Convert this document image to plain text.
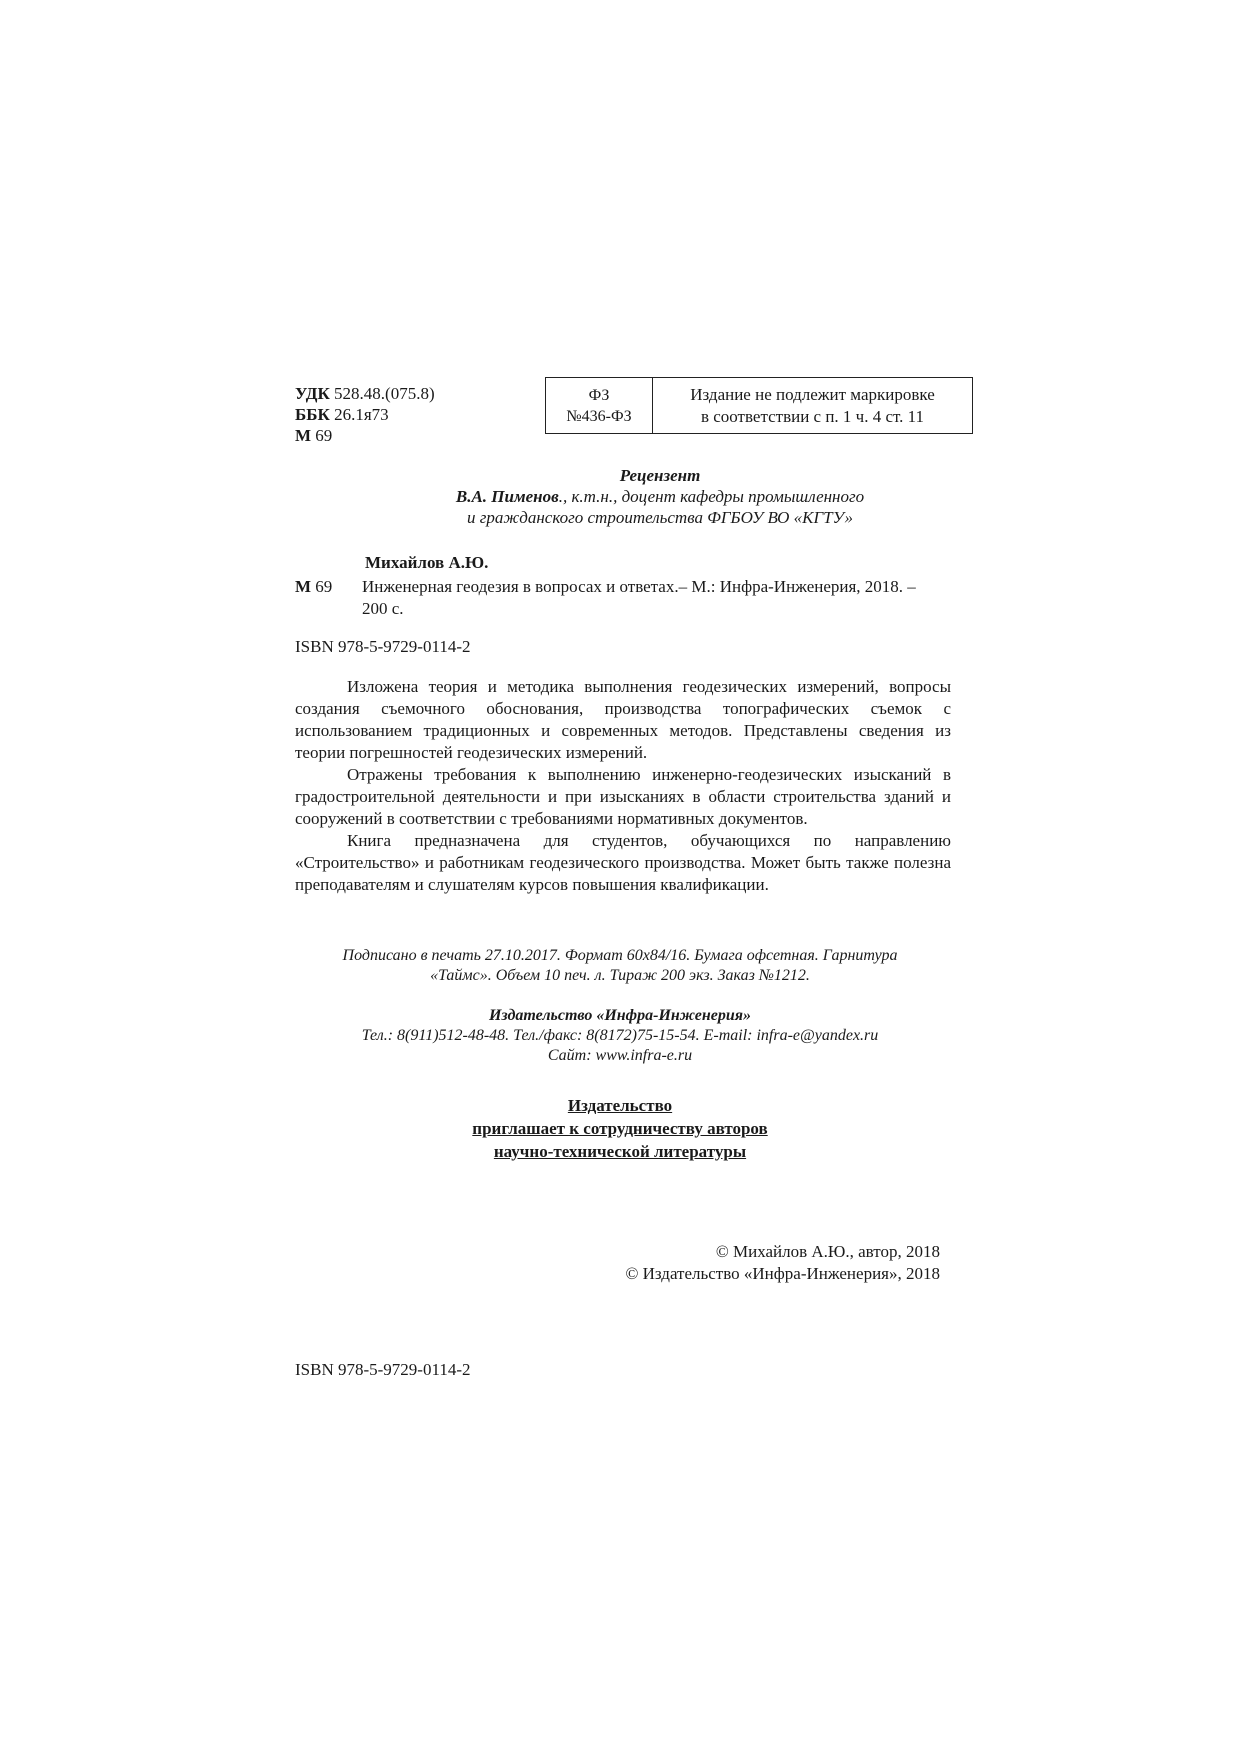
УДК 528.48.(075.8)
ББК 26.1я73
М 69
ФЗ
№436-ФЗ
Издание не подлежит маркировке
в соответствии с п. 1 ч. 4 ст. 11
Рецензент
В.А. Пименов., к.т.н., доцент кафедры промышленного
и гражданского строительства ФГБОУ ВО «КГТУ»
Михайлов А.Ю.
М 69 Инженерная геодезия в вопросах и ответах.– М.: Инфра-Инженерия, 2018. –
200 с.
ISBN 978-5-9729-0114-2

Изложена теория и методика выполнения геодезических измерений, вопросы создания съемочного обоснования, производства топографических съемок с использованием традиционных и современных методов. Представлены сведения из теории погрешностей геодезических измерений.

Отражены требования к выполнению инженерно-геодезических изысканий в градостроительной деятельности и при изысканиях в области строительства зданий и сооружений в соответствии с требованиями нормативных документов.

Книга предназначена для студентов, обучающихся по направлению «Строительство» и работникам геодезического производства. Может быть также полезна преподавателям и слушателям курсов повышения квалификации.

Подписано в печать 27.10.2017. Формат 60х84/16. Бумага офсетная. Гарнитура
«Таймс». Объем 10 печ. л. Тираж 200 экз. Заказ №1212.
Издательство «Инфра-Инженерия»
Тел.: 8(911)512-48-48. Тел./факс: 8(8172)75-15-54. E-mail: infra-e@yandex.ru
Сайт: www.infra-e.ru
Издательство
приглашает к сотрудничеству авторов
научно-технической литературы
© Михайлов А.Ю., автор, 2018
© Издательство «Инфра-Инженерия», 2018
ISBN 978-5-9729-0114-2
